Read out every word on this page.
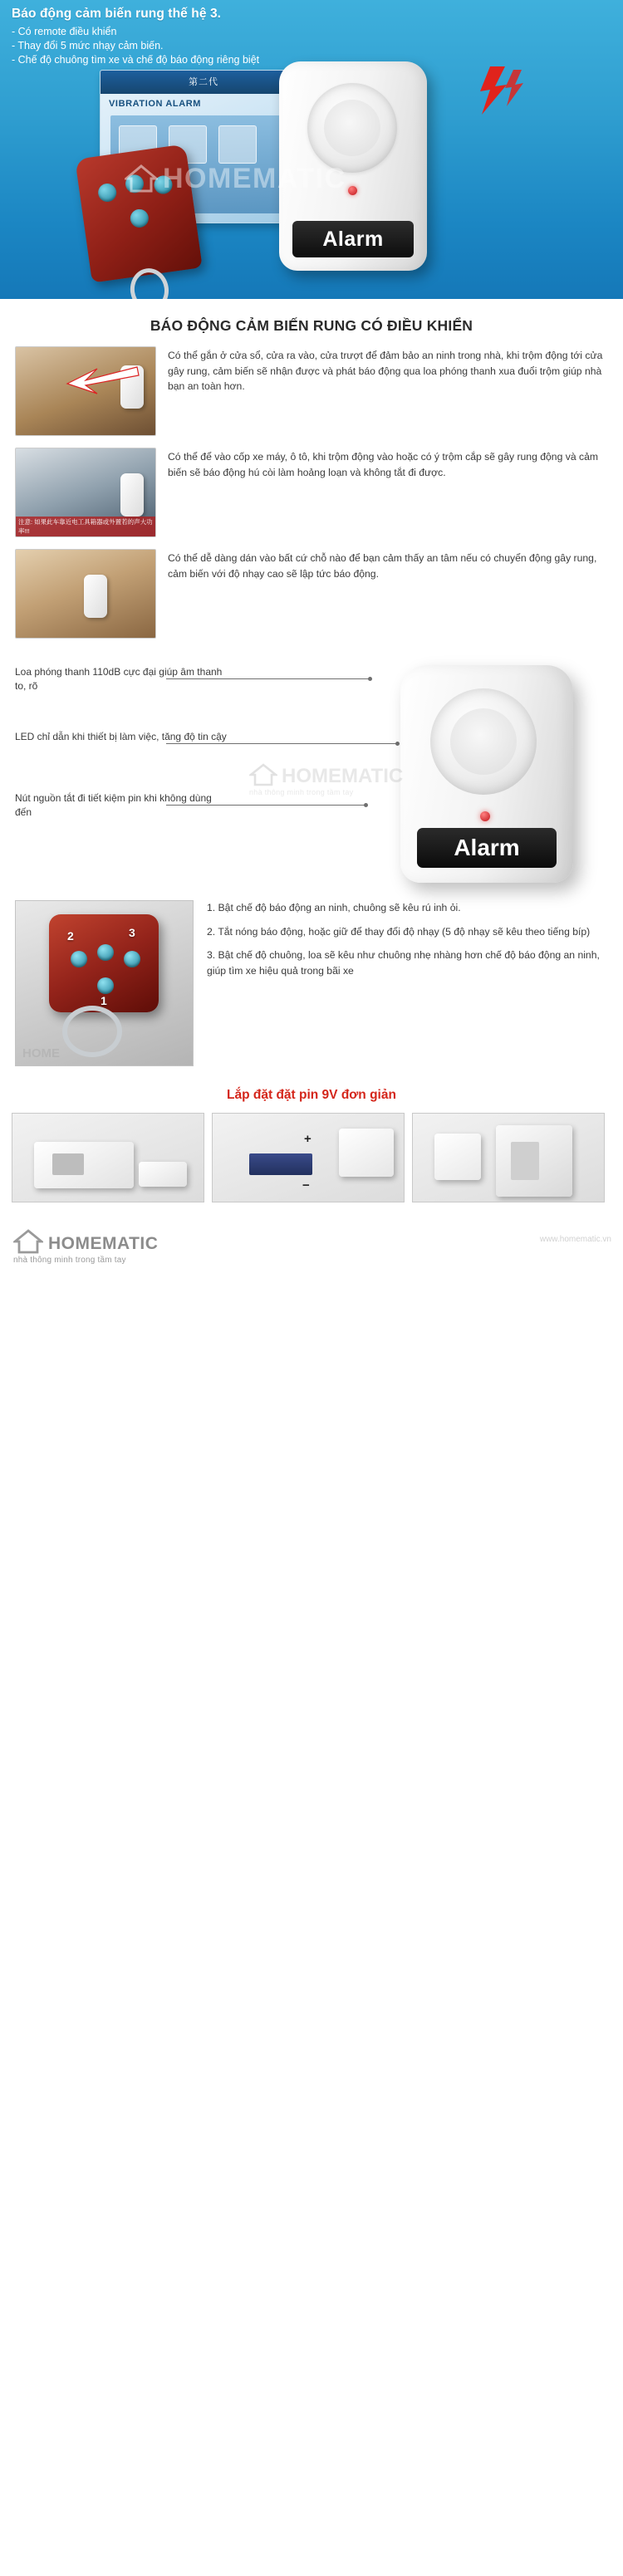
Báo động cảm biến rung thế hệ 3.
- Có remote điều khiển
- Thay đổi 5 mức nhạy cảm biến.
- Chế độ chuông tìm xe và chế độ báo động riêng biệt
第二代
VIBRATION ALARM
Alarm
HOMEMATIC
BÁO ĐỘNG CẢM BIẾN RUNG CÓ ĐIỀU KHIỂN
Có thể gắn ở cửa sổ, cửa ra vào, cửa trượt để đảm bảo an ninh trong nhà, khi trộm động tới cửa gây rung, cảm biến sẽ nhận được và phát báo động qua loa phóng thanh xua đuổi trộm giúp nhà bạn an toàn hơn.
注意: 如果此车靠近电工具箱器或外置若的声大功率!!!
Có thể để vào cốp xe máy, ô tô, khi trộm động vào hoặc có ý trộm cắp sẽ gây rung động và cảm biến sẽ báo động hú còi làm hoảng loạn và không tắt đi được.
Có thể dễ dàng dán vào bất cứ chỗ nào để bạn cảm thấy an tâm nếu có chuyển động gây rung, cảm biến với độ nhạy cao sẽ lập tức báo động.
Loa phóng thanh 110dB cực đại giúp âm thanh to, rõ
LED chỉ dẫn khi thiết bị làm việc, tăng độ tin cậy
Nút nguồn tắt đi tiết kiệm pin khi không dùng đến
Alarm
HOMEMATIC
nhà thông minh trong tầm tay
2	3
1
HOME

1. Bật chế độ báo động an ninh, chuông sẽ kêu rú inh ỏi.

2. Tắt nóng báo động, hoặc giữ để thay đổi độ nhạy (5 độ nhạy sẽ kêu theo tiếng bíp)

3. Bật chế độ chuông, loa sẽ kêu như chuông nhẹ nhàng hơn chế độ báo động an ninh, giúp tìm xe hiệu quả trong bãi xe

Lắp đặt đặt pin 9V đơn giản
+
−
www.homematic.vn
HOMEMATIC
nhà thông minh trong tầm tay
